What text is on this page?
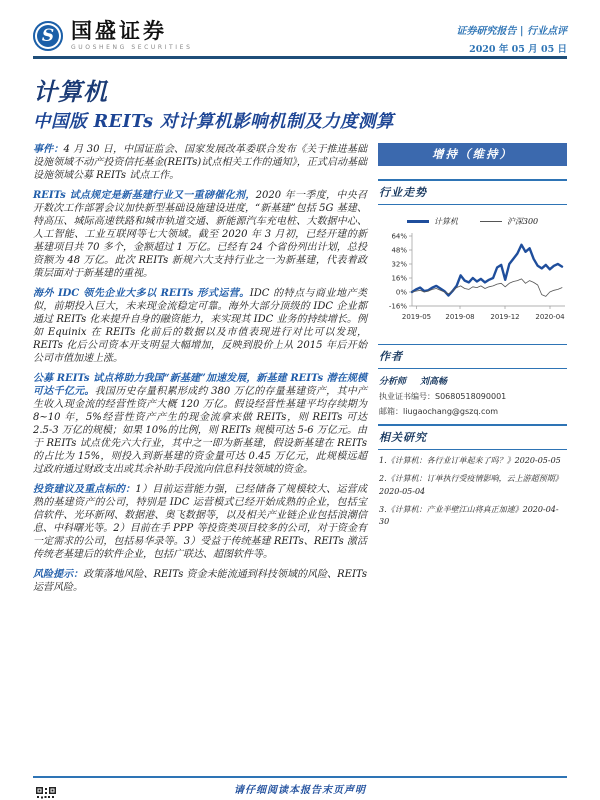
S 国盛证券
GUOSHENG SECURITIES
证券研究报告 | 行业点评
2020 年 05 月 05 日
计算机
中国版 REITs 对计算机影响机制及力度测算

事件：4 月 30 日，中国证监会、国家发展改革委联合发布《关于推进基础设施领域不动产投资信托基金(REITs)试点相关工作的通知》，正式启动基础设施领域公募 REITs 试点工作。

REITs 试点规定是新基建行业又一重磅催化剂，2020 年一季度，中央召开数次工作部署会议加快新型基础设施建设进度，“新基建”包括 5G 基建、特高压、城际高速铁路和城市轨道交通、新能源汽车充电桩、大数据中心、人工智能、工业互联网等七大领域。截至 2020 年 3 月初，已经开建的新基建项目共 70 多个，金额超过 1 万亿。已经有 24 个省份列出计划，总投资额为 48 万亿。此次 REITs 新规六大支持行业之一为新基建，代表着政策层面对于新基建的重视。

海外 IDC 领先企业大多以 REITs 形式运营。IDC 的特点与商业地产类似，前期投入巨大，未来现金流稳定可靠。海外大部分顶级的 IDC 企业都通过 REITs 化来提升自身的融资能力，来实现其 IDC 业务的持续增长。例如 Equinix 在 REITs 化前后的数据以及市值表现进行对比可以发现，REITs 化后公司资本开支明显大幅增加，反映到股价上从 2015 年后开始公司市值加速上涨。

公募 REITs 试点将助力我国“新基建”加速发展，新基建 REITs 潜在规模可达千亿元。我国历史存量积累形成约 380 万亿的存量基建资产，其中产生收入现金流的经营性资产大概 120 万亿。假设经营性基建平均存续期为 8~10 年，5%经营性资产产生的现金流拿来做 REITs，则 REITs 可达 2.5-3 万亿的规模；如果 10%的比例，则 REITs 规模可达 5-6 万亿元。由于 REITs 试点优先六大行业，其中之一即为新基建，假设新基建在 REITs 的占比为 15%，则投入到新基建的资金量可达 0.45 万亿元，此规模远超过政府通过财政支出或其余补助手段流向信息科技领域的资金。

投资建议及重点标的：1）目前运营能力强，已经储备了规模较大、运营成熟的基建资产的公司，特别是 IDC 运营模式已经开始成熟的企业，包括宝信软件、光环新网、数据港、奥飞数据等，以及相关产业链企业包括浪潮信息、中科曙光等。2）目前在手 PPP 等投资类项目较多的公司，对于资金有一定需求的公司，包括易华录等。3）受益于传统基建 REITs、REITs 激活传统老基建后的软件企业，包括广联达、超图软件等。

风险提示：政策落地风险、REITs 资金未能流通到科技领域的风险、REITs 运营风险。

增持（维持）
行业走势
计算机	沪深300
64%
48%
32%
16%
0%
-16%
2019-05 2019-08 2019-12 2020-04
作者
分析师 刘高畅
执业证书编号：S0680518090001
邮箱：liugaochang@gszq.com
相关研究
1.《计算机：各行业订单起来了吗？》2020-05-05
2.《计算机：订单执行受疫情影响，云上游超预期》2020-05-04
3.《计算机：产业半壁江山将真正加速》2020-04-30
请仔细阅读本报告末页声明
